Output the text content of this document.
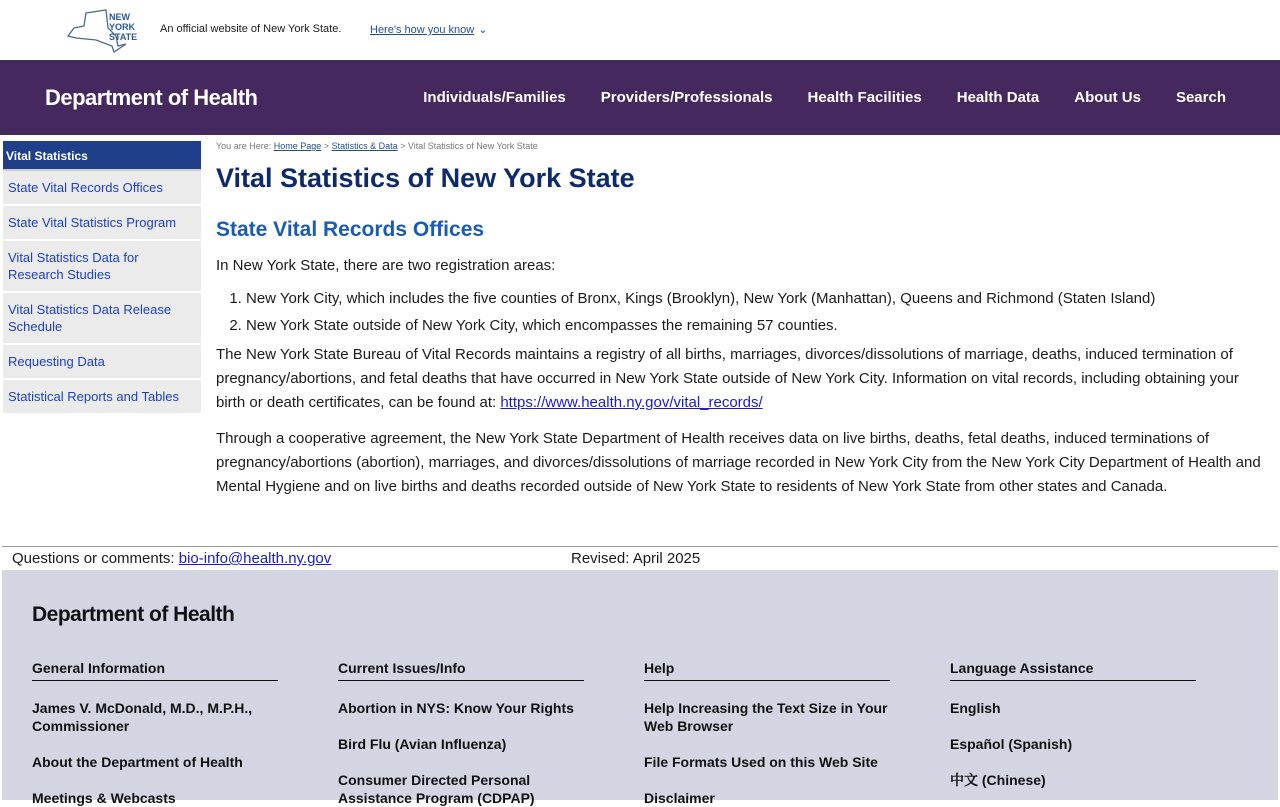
NEW
YORK
STATE
An official website of New York State.	Here's how you know ⌄
Department of Health	Individuals/Families Providers/Professionals Health Facilities Health Data About Us Search
Vital Statistics
State Vital Records Offices
State Vital Statistics Program
Vital Statistics Data for Research Studies
Vital Statistics Data Release Schedule
Requesting Data
Statistical Reports and Tables
You are Here: Home Page > Statistics & Data > Vital Statistics of New York State
Vital Statistics of New York State
State Vital Records Offices

In New York State, there are two registration areas:

1. New York City, which includes the five counties of Bronx, Kings (Brooklyn), New York (Manhattan), Queens and Richmond (Staten Island)
2. New York State outside of New York City, which encompasses the remaining 57 counties.

The New York State Bureau of Vital Records maintains a registry of all births, marriages, divorces/dissolutions of marriage, deaths, induced termination of pregnancy/abortions, and fetal deaths that have occurred in New York State outside of New York City. Information on vital records, including obtaining your birth or death certificates, can be found at: https://www.health.ny.gov/vital_records/

Through a cooperative agreement, the New York State Department of Health receives data on live births, deaths, fetal deaths, induced terminations of pregnancy/abortions (abortion), marriages, and divorces/dissolutions of marriage recorded in New York City from the New York City Department of Health and Mental Hygiene and on live births and deaths recorded outside of New York State to residents of New York State from other states and Canada.

Questions or comments: bio-info@health.ny.gov	Revised: April 2025
Department of Health
General Information
James V. McDonald, M.D., M.P.H., Commissioner
About the Department of Health
Meetings & Webcasts
Current Issues/Info
Abortion in NYS: Know Your Rights
Bird Flu (Avian Influenza)
Consumer Directed Personal Assistance Program (CDPAP)
Help
Help Increasing the Text Size in Your Web Browser
File Formats Used on this Web Site
Disclaimer
Language Assistance
English
Español (Spanish)
中文 (Chinese)
